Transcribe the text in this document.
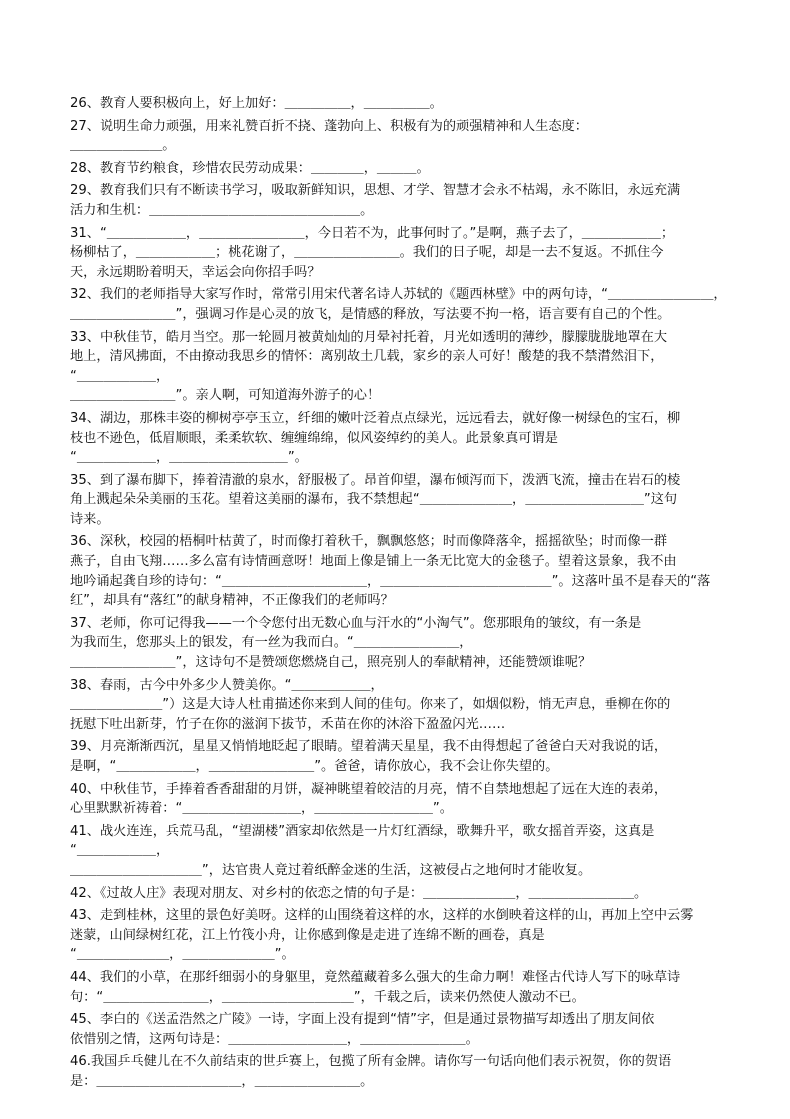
26、教育人要积极向上，好上加好：＿＿＿＿＿，＿＿＿＿＿。
27、说明生命力顽强，用来礼赞百折不挠、蓬勃向上、积极有为的顽强精神和人生态度：
＿＿＿＿＿＿＿。
28、教育节约粮食，珍惜农民劳动成果：＿＿＿＿，＿＿＿。
29、教育我们只有不断读书学习，吸取新鲜知识，思想、才学、智慧才会永不枯竭，永不陈旧，永远充满
活力和生机：＿＿＿＿＿＿＿＿＿＿＿＿＿＿＿＿。
31、“＿＿＿＿＿＿，＿＿＿＿＿＿＿＿，今日若不为，此事何时了。”是啊，燕子去了，＿＿＿＿＿＿；
杨柳枯了，＿＿＿＿＿＿；桃花谢了，＿＿＿＿＿＿＿＿。我们的日子呢，却是一去不复返。不抓住今
天，永远期盼着明天，幸运会向你招手吗？
32、我们的老师指导大家写作时，常常引用宋代著名诗人苏轼的《题西林壁》中的两句诗，“＿＿＿＿＿＿＿＿，
＿＿＿＿＿＿＿＿”，强调习作是心灵的放飞，是情感的释放，写法要不拘一格，语言要有自己的个性。
33、中秋佳节，皓月当空。那一轮圆月被黄灿灿的月晕衬托着，月光如透明的薄纱，朦朦胧胧地罩在大
地上，清风拂面，不由撩动我思乡的情怀：离别故土几载，家乡的亲人可好！酸楚的我不禁潸然泪下，
“＿＿＿＿＿＿，
＿＿＿＿＿＿＿＿”。亲人啊，可知道海外游子的心！
34、湖边，那株丰姿的柳树亭亭玉立，纤细的嫩叶泛着点点绿光，远远看去，就好像一树绿色的宝石，柳
枝也不逊色，低眉顺眼，柔柔软软、缠缠绵绵，似风姿绰约的美人。此景象真可谓是
“＿＿＿＿＿＿，＿＿＿＿＿＿＿＿＿”。
35、到了瀑布脚下，捧着清澈的泉水，舒服极了。昂首仰望，瀑布倾泻而下，泼洒飞流，撞击在岩石的棱
角上溅起朵朵美丽的玉花。望着这美丽的瀑布，我不禁想起“＿＿＿＿＿＿＿，＿＿＿＿＿＿＿＿＿”这句
诗来。
36、深秋，校园的梧桐叶枯黄了，时而像打着秋千，飘飘悠悠；时而像降落伞，摇摇欲坠；时而像一群
燕子，自由飞翔……多么富有诗情画意呀！地面上像是铺上一条无比宽大的金毯子。望着这景象，我不由
地吟诵起龚自珍的诗句：“＿＿＿＿＿＿＿＿＿＿＿，＿＿＿＿＿＿＿＿＿＿＿＿＿”。这落叶虽不是春天的“落
红”，却具有“落红”的献身精神，不正像我们的老师吗？
37、老师，你可记得我——一个令您付出无数心血与汗水的“小淘气”。您那眼角的皱纹，有一条是
为我而生，您那头上的银发，有一丝为我而白。“＿＿＿＿＿＿＿＿，
＿＿＿＿＿＿＿＿”，这诗句不是赞颂您燃烧自己，照亮别人的奉献精神，还能赞颂谁呢？
38、春雨，古今中外多少人赞美你。“＿＿＿＿＿＿，
＿＿＿＿＿＿＿”）这是大诗人杜甫描述你来到人间的佳句。你来了，如烟似粉，悄无声息，垂柳在你的
抚慰下吐出新芽，竹子在你的滋润下拔节，禾苗在你的沐浴下盈盈闪光……
39、月亮渐渐西沉，星星又悄悄地眨起了眼睛。望着满天星星，我不由得想起了爸爸白天对我说的话，
是啊，“＿＿＿＿＿＿，＿＿＿＿＿＿＿＿”。爸爸，请你放心，我不会让你失望的。
40、中秋佳节，手捧着香香甜甜的月饼，凝神眺望着皎洁的月亮，情不自禁地想起了远在大连的表弟，
心里默默祈祷着：“＿＿＿＿＿＿＿＿＿，＿＿＿＿＿＿＿＿＿”。
41、战火连连，兵荒马乱，“望湖楼”酒家却依然是一片灯红酒绿，歌舞升平，歌女摇首弄姿，这真是
“＿＿＿＿＿＿，
＿＿＿＿＿＿＿＿＿＿”，达官贵人竟过着纸醉金迷的生活，这被侵占之地何时才能收复。
42、《过故人庄》表现对朋友、对乡村的依恋之情的句子是：＿＿＿＿＿＿＿，＿＿＿＿＿＿＿＿。
43、走到桂林，这里的景色好美呀。这样的山围绕着这样的水，这样的水倒映着这样的山，再加上空中云雾
迷蒙，山间绿树红花，江上竹筏小舟，让你感到像是走进了连绵不断的画卷，真是
“＿＿＿＿＿＿＿，＿＿＿＿＿＿＿”。
44、我们的小草，在那纤细弱小的身躯里，竟然蕴藏着多么强大的生命力啊！难怪古代诗人写下的咏草诗
句：“＿＿＿＿＿＿＿＿，＿＿＿＿＿＿＿＿＿＿”，千载之后，读来仍然使人激动不已。
45、李白的《送孟浩然之广陵》一诗，字面上没有提到“情”字，但是通过景物描写却透出了朋友间依
依惜别之情，这两句诗是：＿＿＿＿＿＿＿＿＿，＿＿＿＿＿＿＿＿。
46.我国乒乓健儿在不久前结束的世乒赛上，包揽了所有金牌。请你写一句话向他们表示祝贺，你的贺语
是：＿＿＿＿＿＿＿＿＿＿＿，＿＿＿＿＿＿＿＿。
